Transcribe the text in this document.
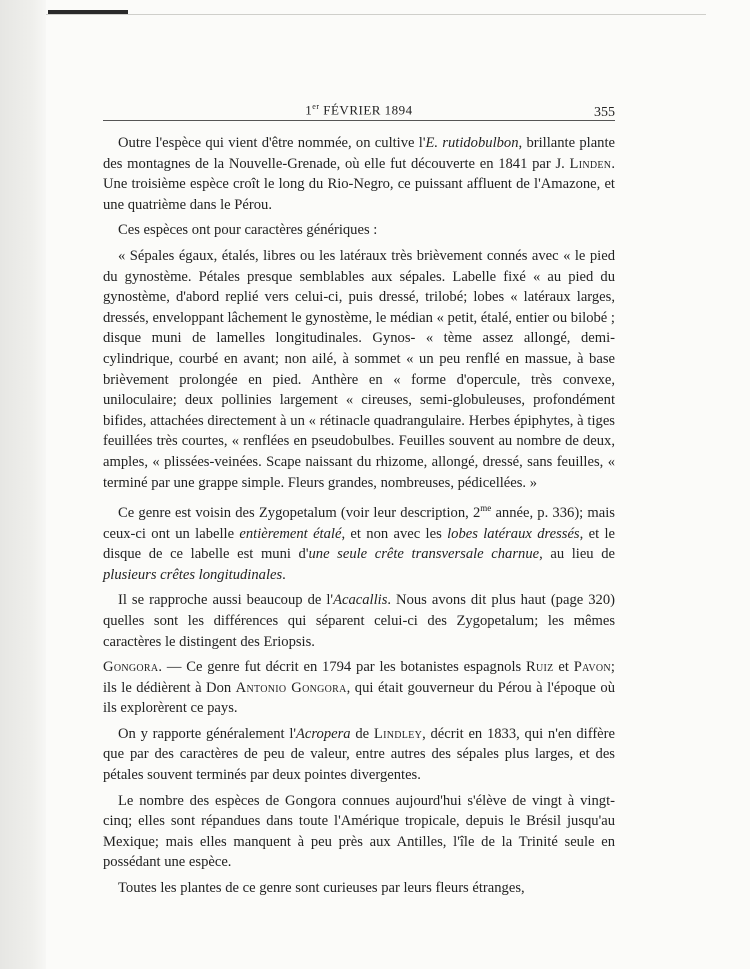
1er FÉVRIER 1894	355

Outre l'espèce qui vient d'être nommée, on cultive l'E. rutidobulbon, brillante plante des montagnes de la Nouvelle-Grenade, où elle fut découverte en 1841 par J. Linden. Une troisième espèce croît le long du Rio-Negro, ce puissant affluent de l'Amazone, et une quatrième dans le Pérou.

Ces espèces ont pour caractères génériques :

« Sépales égaux, étalés, libres ou les latéraux très brièvement connés avec « le pied du gynostème. Pétales presque semblables aux sépales. Labelle fixé « au pied du gynostème, d'abord replié vers celui-ci, puis dressé, trilobé; lobes « latéraux larges, dressés, enveloppant lâchement le gynostème, le médian « petit, étalé, entier ou bilobé ; disque muni de lamelles longitudinales. Gynos- « tème assez allongé, demi-cylindrique, courbé en avant; non ailé, à sommet « un peu renflé en massue, à base brièvement prolongée en pied. Anthère en « forme d'opercule, très convexe, uniloculaire; deux pollinies largement « cireuses, semi-globuleuses, profondément bifides, attachées directement à un « rétinacle quadrangulaire. Herbes épiphytes, à tiges feuillées très courtes, « renflées en pseudobulbes. Feuilles souvent au nombre de deux, amples, « plissées-veinées. Scape naissant du rhizome, allongé, dressé, sans feuilles, « terminé par une grappe simple. Fleurs grandes, nombreuses, pédicellées. »

Ce genre est voisin des Zygopetalum (voir leur description, $2^{me}$ année, p. 336); mais ceux-ci ont un labelle entièrement étalé, et non avec les lobes latéraux dressés, et le disque de ce labelle est muni d'une seule crête transversale charnue, au lieu de plusieurs crêtes longitudinales.

Il se rapproche aussi beaucoup de l'Acacallis. Nous avons dit plus haut (page 320) quelles sont les différences qui séparent celui-ci des Zygopetalum; les mêmes caractères le distingent des Eriopsis.

Gongora. — Ce genre fut décrit en 1794 par les botanistes espagnols Ruiz et Pavon; ils le dédièrent à Don Antonio Gongora, qui était gouverneur du Pérou à l'époque où ils explorèrent ce pays.

On y rapporte généralement l'Acropera de Lindley, décrit en 1833, qui n'en diffère que par des caractères de peu de valeur, entre autres des sépales plus larges, et des pétales souvent terminés par deux pointes divergentes.

Le nombre des espèces de Gongora connues aujourd'hui s'élève de vingt à vingt-cinq; elles sont répandues dans toute l'Amérique tropicale, depuis le Brésil jusqu'au Mexique; mais elles manquent à peu près aux Antilles, l'île de la Trinité seule en possédant une espèce.

Toutes les plantes de ce genre sont curieuses par leurs fleurs étranges,
